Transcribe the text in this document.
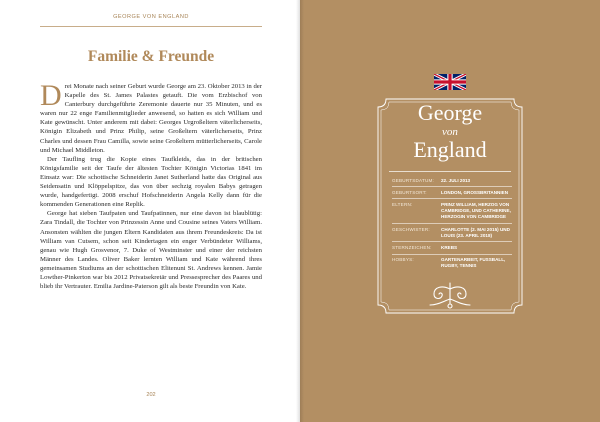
GEORGE VON ENGLAND
Familie & Freunde

Drei Monate nach seiner Geburt wurde George am 23. Oktober 2013 in der Kapelle des St. James Palastes getauft. Die vom Erzbischof von Canterbury durchgeführte Zeremonie dauerte nur 35 Minuten, und es waren nur 22 enge Familienmitglieder anwesend, so hatten es sich William und Kate gewünscht. Unter anderem mit dabei: Georges Urgroßeltern väterlicherseits, Königin Elizabeth und Prinz Philip, seine Großeltern väterlicherseits, Prinz Charles und dessen Frau Camilla, sowie seine Großeltern mütterlicherseits, Carole und Michael Middleton.

Der Taufling trug die Kopie eines Taufkleids, das in der britischen Königsfamilie seit der Taufe der ältesten Tochter Königin Victorias 1841 im Einsatz war: Die schottische Schneiderin Janet Sutherland hatte das Original aus Seidensatin und Klöppelspitze, das von über sechzig royalen Babys getragen wurde, handgefertigt. 2008 erschuf Hofschneiderin Angela Kelly dann für die kommenden Generationen eine Replik.

George hat sieben Taufpaten und Taufpatinnen, nur eine davon ist blaublütig: Zara Tindall, die Tochter von Prinzessin Anne und Cousine seines Vaters William. Ansonsten wählten die jungen Eltern Kandidaten aus ihrem Freundeskreis: Da ist William van Cutsem, schon seit Kindertagen ein enger Verbündeter Williams, genau wie Hugh Grosvenor, 7. Duke of Westminster und einer der reichsten Männer des Landes. Oliver Baker lernten William und Kate während ihres gemeinsamen Studiums an der schottischen Elitenuni St. Andrews kennen. Jamie Lowther-Pinkerton war bis 2012 Privatsekretär und Pressesprecher des Paares und blieb ihr Vertrauter. Emilia Jardine-Paterson gilt als beste Freundin von Kate.

202
George
von
England
GEBURTSDATUM:	22. JULI 2013
GEBURTSORT:	LONDON, GROSSBRITANNIEN
ELTERN:	PRINZ WILLIAM, HERZOG VON CAMBRIDGE, UND CATHERINE, HERZOGIN VON CAMBRIDGE
GESCHWISTER:	CHARLOTTE (2. MAI 2015) UND LOUIS (23. APRIL 2018)
STERNZEICHEN:	KREBS
HOBBYS:	GARTENARBEIT, FUSSBALL, RUGBY, TENNIS
